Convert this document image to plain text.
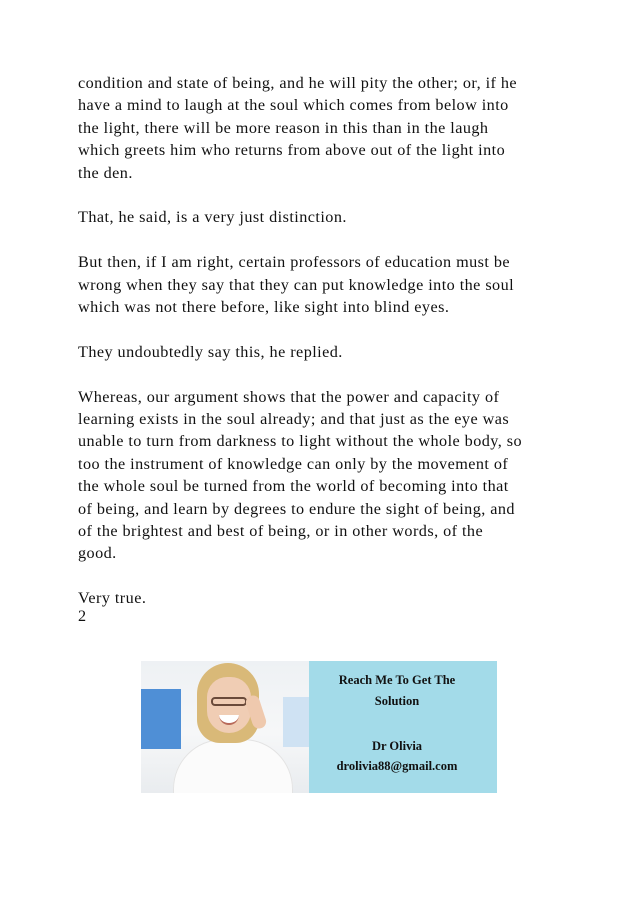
condition and state of being, and he will pity the other; or, if he
have a mind to laugh at the soul which comes from below into
the light, there will be more reason in this than in the laugh
which greets him who returns from above out of the light into
the den.

That, he said, is a very just distinction.

But then, if I am right, certain professors of education must be
wrong when they say that they can put knowledge into the soul
which was not there before, like sight into blind eyes.

They undoubtedly say this, he replied.

Whereas, our argument shows that the power and capacity of
learning exists in the soul already; and that just as the eye was
unable to turn from darkness to light without the whole body, so
too the instrument of knowledge can only by the movement of
the whole soul be turned from the world of becoming into that
of being, and learn by degrees to endure the sight of being, and
of the brightest and best of being, or in other words, of the
good.

Very true.

2
Reach Me To Get The
Solution
Dr Olivia
drolivia88@gmail.com
